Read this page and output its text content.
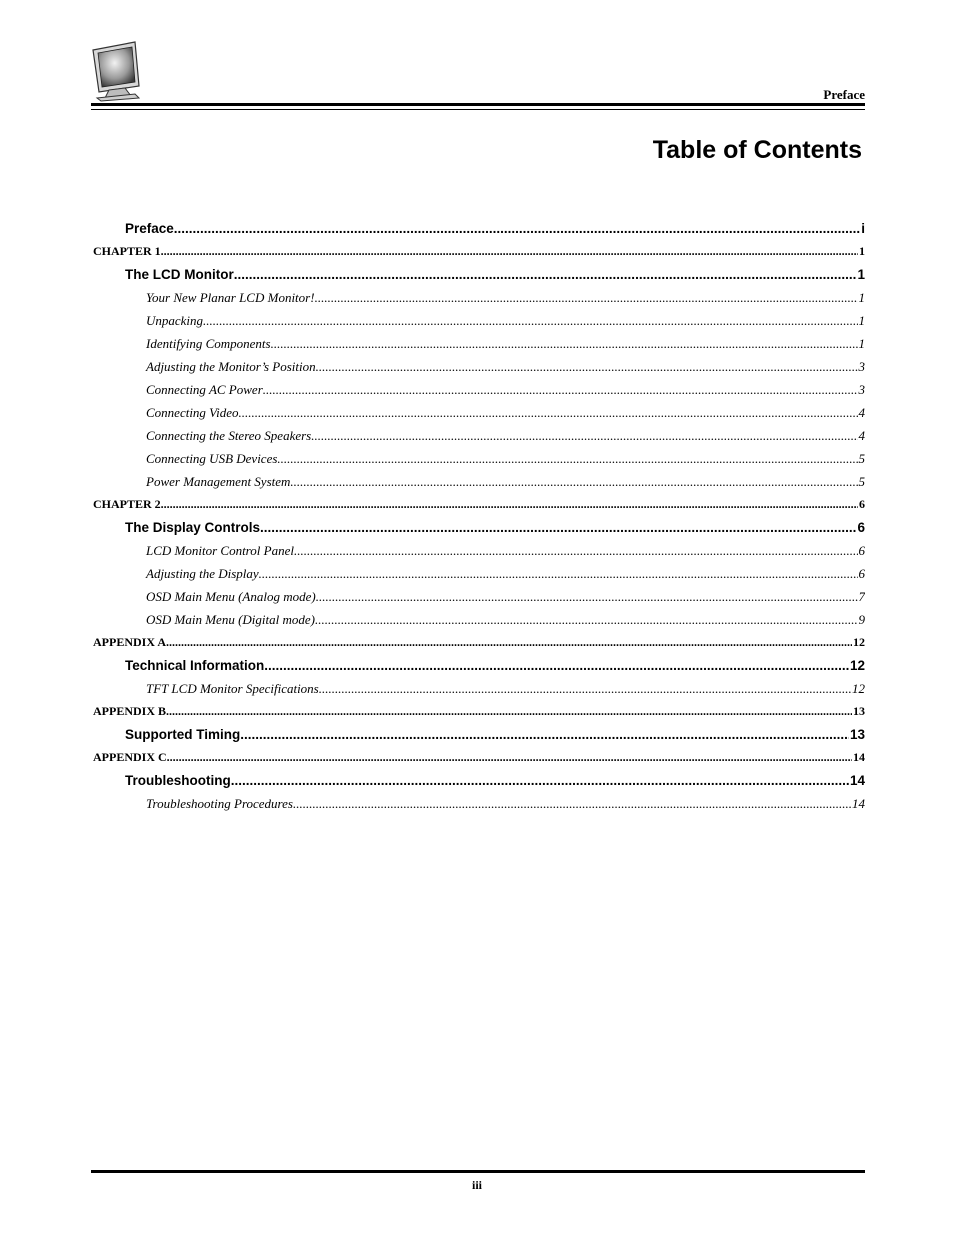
Preface
Table of Contents
Preface .....	i
CHAPTER 1 .....	1
The LCD Monitor .....	1
Your New Planar LCD Monitor! .....	1
Unpacking .....	1
Identifying Components .....	1
Adjusting the Monitor’s Position .....	3
Connecting AC Power .....	3
Connecting Video .....	4
Connecting the Stereo Speakers .....	4
Connecting USB Devices .....	5
Power Management System .....	5
CHAPTER 2 .....	6
The Display Controls .....	6
LCD Monitor Control Panel .....	6
Adjusting the Display .....	6
OSD Main Menu (Analog mode) .....	7
OSD Main Menu (Digital mode) .....	9
APPENDIX A .....	12
Technical Information .....	12
TFT LCD Monitor Specifications .....	12
APPENDIX B .....	13
Supported Timing .....	13
APPENDIX C .....	14
Troubleshooting .....	14
Troubleshooting Procedures .....	14
iii
